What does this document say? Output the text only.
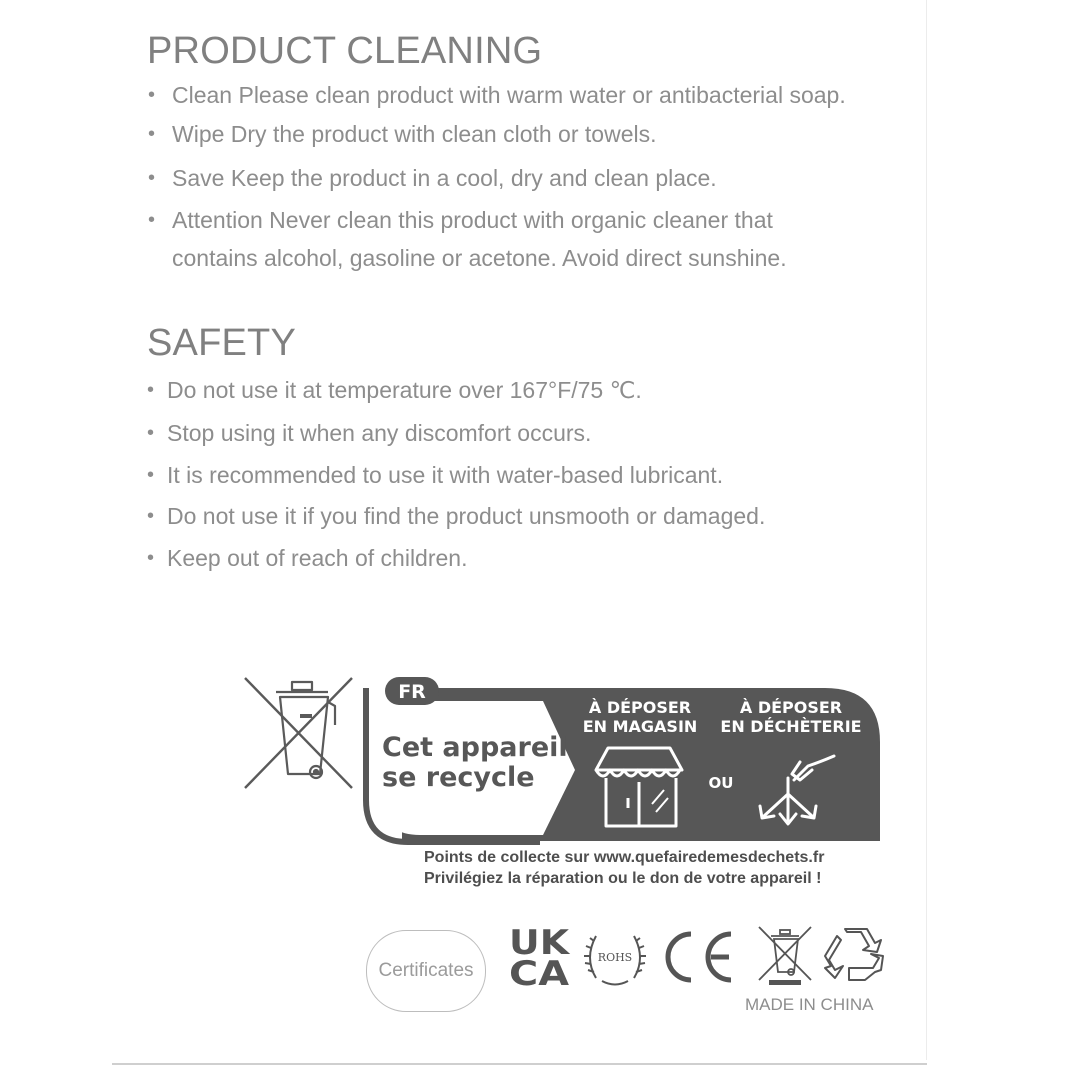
PRODUCT CLEANING
• Clean Please clean product with warm water or antibacterial soap.
• Wipe Dry the product with clean cloth or towels.
• Save Keep the product in a cool, dry and clean place.
• Attention Never clean this product with organic cleaner that
contains alcohol, gasoline or acetone. Avoid direct sunshine.
SAFETY
• Do not use it at temperature over 167°F/75 ℃.
• Stop using it when any discomfort occurs.
• It is recommended to use it with water-based lubricant.
• Do not use it if you find the product unsmooth or damaged.
• Keep out of reach of children.
FR
Cet appareil
se recycle
À DÉPOSER
EN MAGASIN
OU
À DÉPOSER
EN DÉCHÈTERIE
Points de collecte sur www.quefairedemesdechets.fr
Privilégiez la réparation ou le don de votre appareil !
Certificates
UK
CA	ROHS
MADE IN CHINA
